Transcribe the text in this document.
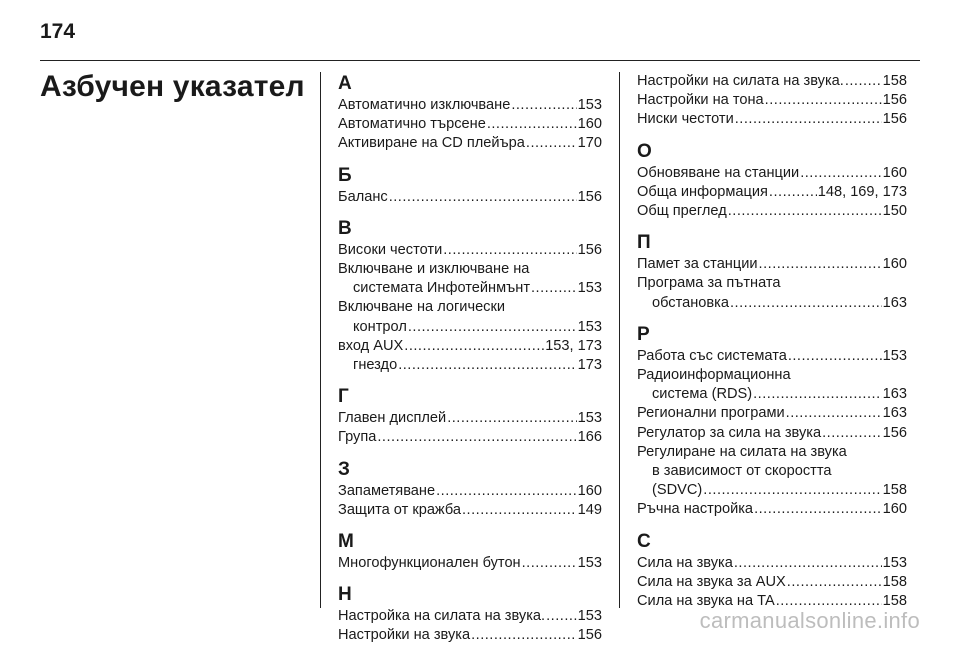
174
Азбучен указател А
Автоматично изключване .....	153
Автоматично търсене .....	160
Активиране на CD плейъра .....	170
Б
Баланс .....	156
В
Високи честоти .....	156
Включване и изключване на
системата Инфотейнмънт .....	153
Включване на логически
контрол .....	153
вход AUX .....	153, 173
гнездо .....	173
Г
Главен дисплей .....	153
Група .....	166
З
Запаметяване .....	160
Защита от кражба .....	149
М
Многофункционален бутон .....	153
Н
Настройка на силата на звука. ..... 153
Настройки на звука .....	156
Настройки на силата на звука. .....	158
Настройки на тона .....	156
Ниски честоти .....	156
О
Обновяване на станции .....	160
Обща информация .....	148, 169, 173
Общ преглед .....	150
П
Памет за станции .....	160
Програма за пътната
обстановка .....	163
Р
Работа със системата .....	153
Радиоинформационна
система (RDS) .....	163
Регионални програми .....	163
Регулатор за сила на звука .....	156
Регулиране на силата на звука
в зависимост от скоростта
(SDVC) .....	158
Ръчна настройка .....	160
С
Сила на звука .....	153
Сила на звука за AUX .....	158
Сила на звука на TA .....	158
carmanualsonline.info
